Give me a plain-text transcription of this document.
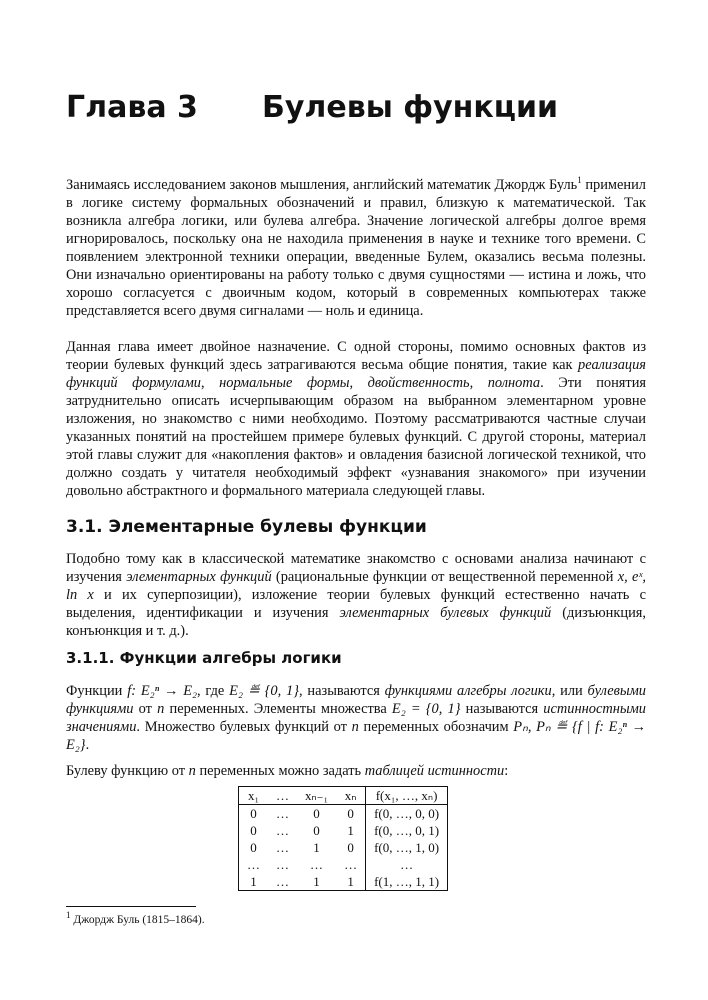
Глава 3 Булевы функции
Занимаясь исследованием законов мышления, английский математик Джордж Буль$^1$ применил в логике систему формальных обозначений и правил, близкую к математической. Так возникла алгебра логики, или булева алгебра. Значение логической алгебры долгое время игнорировалось, поскольку она не находила применения в науке и технике того времени. С появлением электронной техники операции, введенные Булем, оказались весьма полезны. Они изначально ориентированы на работу только с двумя сущностями — истина и ложь, что хорошо согласуется с двоичным кодом, который в современных компьютерах также представляется всего двумя сигналами — ноль и единица.
Данная глава имеет двойное назначение. С одной стороны, помимо основных фактов из теории булевых функций здесь затрагиваются весьма общие понятия, такие как реализация функций формулами, нормальные формы, двойственность, полнота. Эти понятия затруднительно описать исчерпывающим образом на выбранном элементарном уровне изложения, но знакомство с ними необходимо. Поэтому рассматриваются частные случаи указанных понятий на простейшем примере булевых функций. С другой стороны, материал этой главы служит для «накопления фактов» и овладения базисной логической техникой, что должно создать у читателя необходимый эффект «узнавания знакомого» при изучении довольно абстрактного и формального материала следующей главы.
3.1. Элементарные булевы функции
Подобно тому как в классической математике знакомство с основами анализа начинают с изучения элементарных функций (рациональные функции от вещественной переменной x, eˣ, ln x и их суперпозиции), изложение теории булевых функций естественно начать с выделения, идентификации и изучения элементарных булевых функций (дизъюнкция, конъюнкция и т. д.).
3.1.1. Функции алгебры логики
Функции f: E₂ⁿ → E₂, где E₂ ≝ {0, 1}, называются функциями алгебры логики, или булевыми функциями от n переменных. Элементы множества E₂ = {0, 1} называются истинностными значениями. Множество булевых функций от n переменных обозначим Pₙ, Pₙ ≝ {f | f: E₂ⁿ → E₂}.
Булеву функцию от n переменных можно задать таблицей истинности:
x₁	…	xₙ₋₁	xₙ	f(x₁, …, xₙ)
0	…	0	0	f(0, …, 0, 0)
0	…	0	1	f(0, …, 0, 1)
0	…	1	0	f(0, …, 1, 0)
…	…	…	…	…
1	…	1	1	f(1, …, 1, 1)
$^1$ Джордж Буль (1815–1864).
